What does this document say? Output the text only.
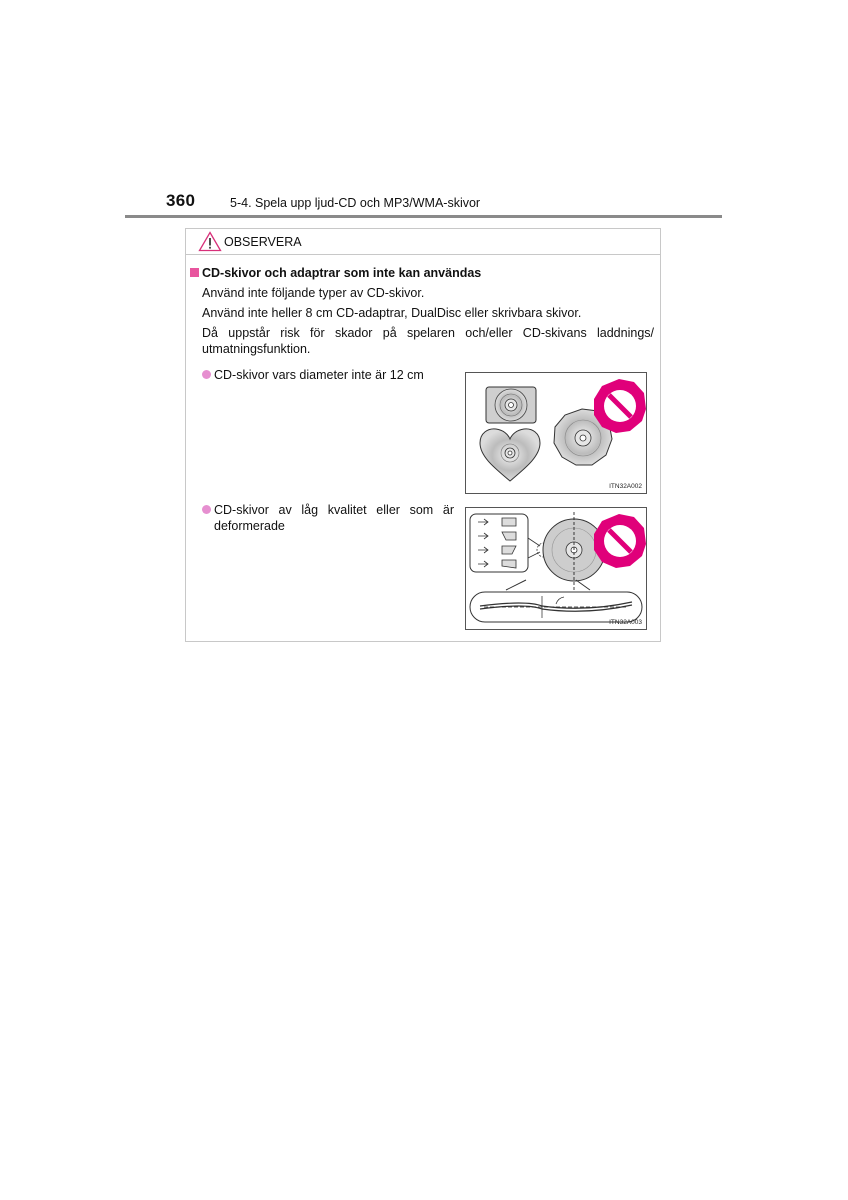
360	5-4. Spela upp ljud-CD och MP3/WMA-skivor
OBSERVERA
CD-skivor och adaptrar som inte kan användas
Använd inte följande typer av CD-skivor.
Använd inte heller 8 cm CD-adaptrar, DualDisc eller skrivbara skivor.
Då uppstår risk för skador på spelaren och/eller CD-skivans laddnings/ utmatningsfunktion.
CD-skivor vars diameter inte är 12 cm
ITN32A002
CD-skivor av låg kvalitet eller som är deformerade
ITN32A003
